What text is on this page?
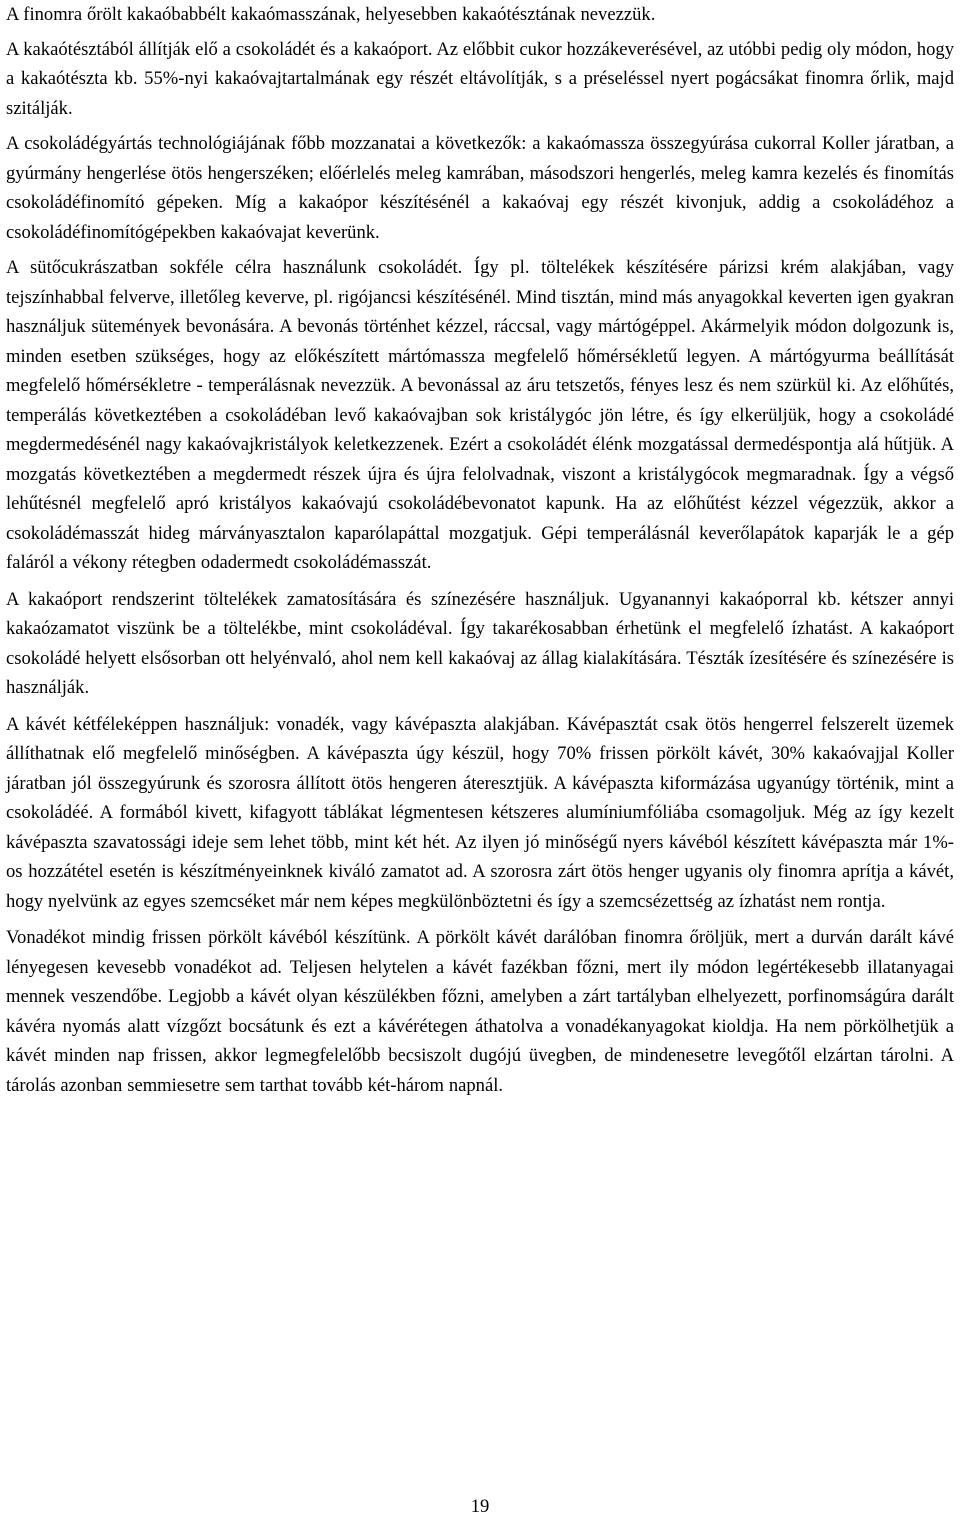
A finomra őrölt kakaóbabbélt kakaómasszának, helyesebben kakaótésztának nevezzük.

A kakaótésztából állítják elő a csokoládét és a kakaóport. Az előbbit cukor hozzákeverésével, az utóbbi pedig oly módon, hogy a kakaótészta kb. 55%-nyi kakaóvajtartalmának egy részét eltávolítják, s a préseléssel nyert pogácsákat finomra őrlik, majd szitálják.

A csokoládégyártás technológiájának főbb mozzanatai a következők: a kakaómassza összegyúrása cukorral Koller járatban, a gyúrmány hengerlése ötös hengerszéken; előérlelés meleg kamrában, másodszori hengerlés, meleg kamra kezelés és finomítás csokoládéfinomító gépeken. Míg a kakaópor készítésénél a kakaóvaj egy részét kivonjuk, addig a csokoládéhoz a csokoládéfinomítógépekben kakaóvajat keverünk.

A sütőcukrászatban sokféle célra használunk csokoládét. Így pl. töltelékek készítésére párizsi krém alakjában, vagy tejszínhabbal felverve, illetőleg keverve, pl. rigójancsi készítésénél. Mind tisztán, mind más anyagokkal keverten igen gyakran használjuk sütemények bevonására. A bevonás történhet kézzel, ráccsal, vagy mártógéppel. Akármelyik módon dolgozunk is, minden esetben szükséges, hogy az előkészített mártómassza megfelelő hőmérsékletű legyen. A mártógyurma beállítását megfelelő hőmérsékletre - temperálásnak nevezzük. A bevonással az áru tetszetős, fényes lesz és nem szürkül ki. Az előhűtés, temperálás következtében a csokoládéban levő kakaóvajban sok kristálygóc jön létre, és így elkerüljük, hogy a csokoládé megdermedésénél nagy kakaóvajkristályok keletkezzenek. Ezért a csokoládét élénk mozgatással dermedéspontja alá hűtjük. A mozgatás következtében a megdermedt részek újra és újra felolvadnak, viszont a kristálygócok megmaradnak. Így a végső lehűtésnél megfelelő apró kristályos kakaóvajú csokoládébevonatot kapunk. Ha az előhűtést kézzel végezzük, akkor a csokoládémasszát hideg márványasztalon kaparólapáttal mozgatjuk. Gépi temperálásnál keverőlapátok kaparják le a gép faláról a vékony rétegben odadermedt csokoládémasszát.

A kakaóport rendszerint töltelékek zamatosítására és színezésére használjuk. Ugyanannyi kakaóporral kb. kétszer annyi kakaózamatot viszünk be a töltelékbe, mint csokoládéval. Így takarékosabban érhetünk el megfelelő ízhatást. A kakaóport csokoládé helyett elsősorban ott helyénvaló, ahol nem kell kakaóvaj az állag kialakítására. Tészták ízesítésére és színezésére is használják.

A kávét kétféleképpen használjuk: vonadék, vagy kávépaszta alakjában. Kávépasztát csak ötös hengerrel felszerelt üzemek állíthatnak elő megfelelő minőségben. A kávépaszta úgy készül, hogy 70% frissen pörkölt kávét, 30% kakaóvajjal Koller járatban jól összegyúrunk és szorosra állított ötös hengeren áteresztjük. A kávépaszta kiformázása ugyanúgy történik, mint a csokoládéé. A formából kivett, kifagyott táblákat légmentesen kétszeres alumíniumfóliába csomagoljuk. Még az így kezelt kávépaszta szavatossági ideje sem lehet több, mint két hét. Az ilyen jó minőségű nyers kávéból készített kávépaszta már 1%-os hozzátétel esetén is készítményeinknek kiváló zamatot ad. A szorosra zárt ötös henger ugyanis oly finomra aprítja a kávét, hogy nyelvünk az egyes szemcséket már nem képes megkülönböztetni és így a szemcsézettség az ízhatást nem rontja.

Vonadékot mindig frissen pörkölt kávéból készítünk. A pörkölt kávét darálóban finomra őröljük, mert a durván darált kávé lényegesen kevesebb vonadékot ad. Teljesen helytelen a kávét fazékban főzni, mert ily módon legértékesebb illatanyagai mennek veszendőbe. Legjobb a kávét olyan készülékben főzni, amelyben a zárt tartályban elhelyezett, porfinomságúra darált kávéra nyomás alatt vízgőzt bocsátunk és ezt a kávérétegen áthatolva a vonadékanyagokat kioldja. Ha nem pörkölhetjük a kávét minden nap frissen, akkor legmegfelelőbb becsiszolt dugójú üvegben, de mindenesetre levegőtől elzártan tárolni. A tárolás azonban semmiesetre sem tarthat tovább két-három napnál.

19
